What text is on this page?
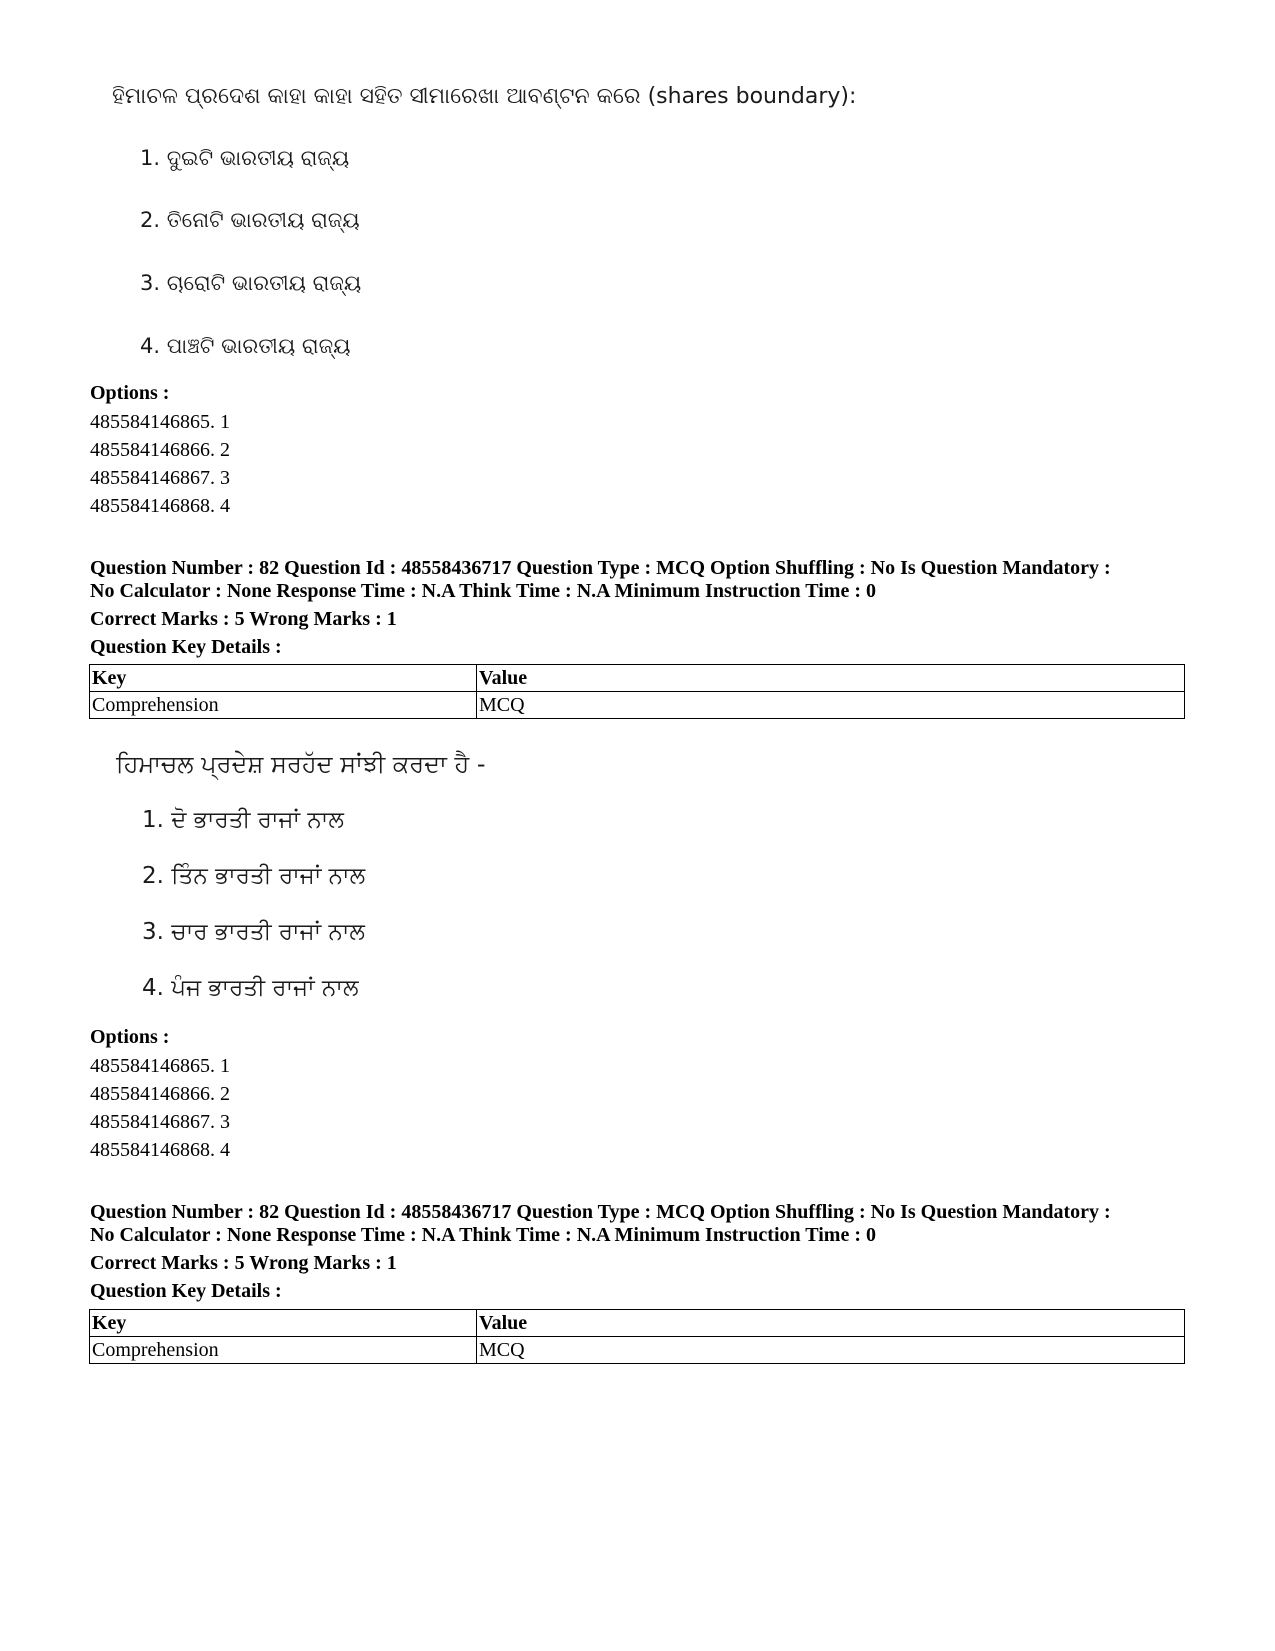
ହିମାଚଳ ପ୍ରଦେଶ କାହା କାହା ସହିତ ସୀମାରେଖା ଆବଣ୍ଟନ କରେ (shares boundary):
1. ଦୁଇଟି ଭାରତୀୟ ରାଜ୍ୟ
2. ତିନୋଟି ଭାରତୀୟ ରାଜ୍ୟ
3. ଚାରୋଟି ଭାରତୀୟ ରାଜ୍ୟ
4. ପାଞ୍ଚଟି ଭାରତୀୟ ରାଜ୍ୟ
Options :
485584146865. 1
485584146866. 2
485584146867. 3
485584146868. 4
Question Number : 82 Question Id : 48558436717 Question Type : MCQ Option Shuffling : No Is Question Mandatory :
No Calculator : None Response Time : N.A Think Time : N.A Minimum Instruction Time : 0
Correct Marks : 5 Wrong Marks : 1
Question Key Details :
Key	Value
Comprehension	MCQ
ਹਿਮਾਚਲ ਪ੍ਰਦੇਸ਼ ਸਰਹੱਦ ਸਾਂਝੀ ਕਰਦਾ ਹੈ -
1. ਦੋ ਭਾਰਤੀ ਰਾਜਾਂ ਨਾਲ
2. ਤਿੰਨ ਭਾਰਤੀ ਰਾਜਾਂ ਨਾਲ
3. ਚਾਰ ਭਾਰਤੀ ਰਾਜਾਂ ਨਾਲ
4. ਪੰਜ ਭਾਰਤੀ ਰਾਜਾਂ ਨਾਲ
Options :
485584146865. 1
485584146866. 2
485584146867. 3
485584146868. 4
Question Number : 82 Question Id : 48558436717 Question Type : MCQ Option Shuffling : No Is Question Mandatory :
No Calculator : None Response Time : N.A Think Time : N.A Minimum Instruction Time : 0
Correct Marks : 5 Wrong Marks : 1
Question Key Details :
Key	Value
Comprehension	MCQ
